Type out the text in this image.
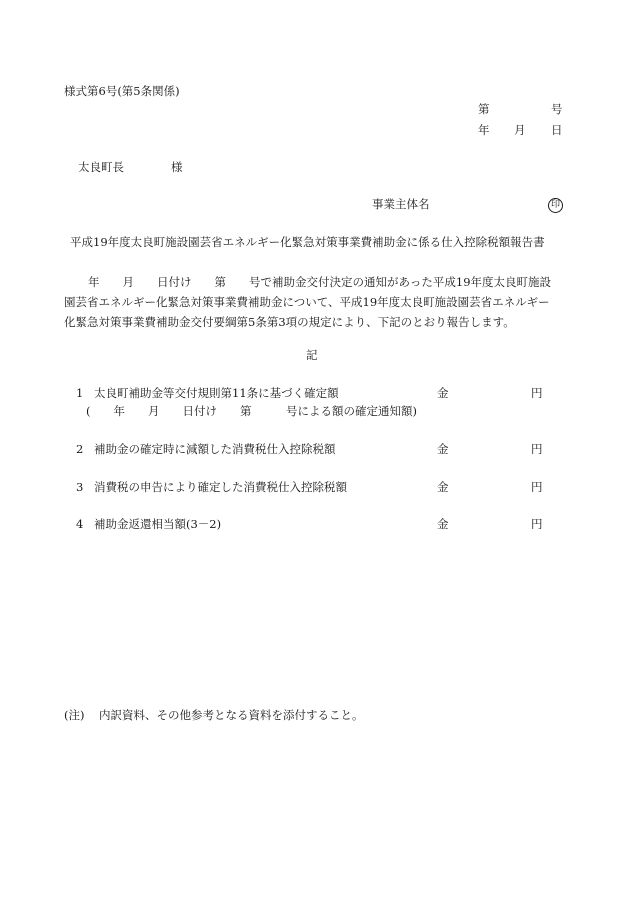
様式第6号(第5条関係)
第	号
年 月 日
太良町長	様
事業主体名	印
平成19年度太良町施設園芸省エネルギー化緊急対策事業費補助金に係る仕入控除税額報告書
年　　月　　日付け　　第　　号で補助金交付決定の通知があった平成19年度太良町施設
園芸省エネルギー化緊急対策事業費補助金について、平成19年度太良町施設園芸省エネルギー
化緊急対策事業費補助金交付要綱第5条第3項の規定により、下記のとおり報告します。
記
1 太良町補助金等交付規則第11条に基づく確定額	金	円
(　　年　　月　　日付け　　第　　　号による額の確定通知額)
2 補助金の確定時に減額した消費税仕入控除税額	金	円
3 消費税の申告により確定した消費税仕入控除税額	金	円
4 補助金返還相当額(3－2)	金	円
(注) 内訳資料、その他参考となる資料を添付すること。
